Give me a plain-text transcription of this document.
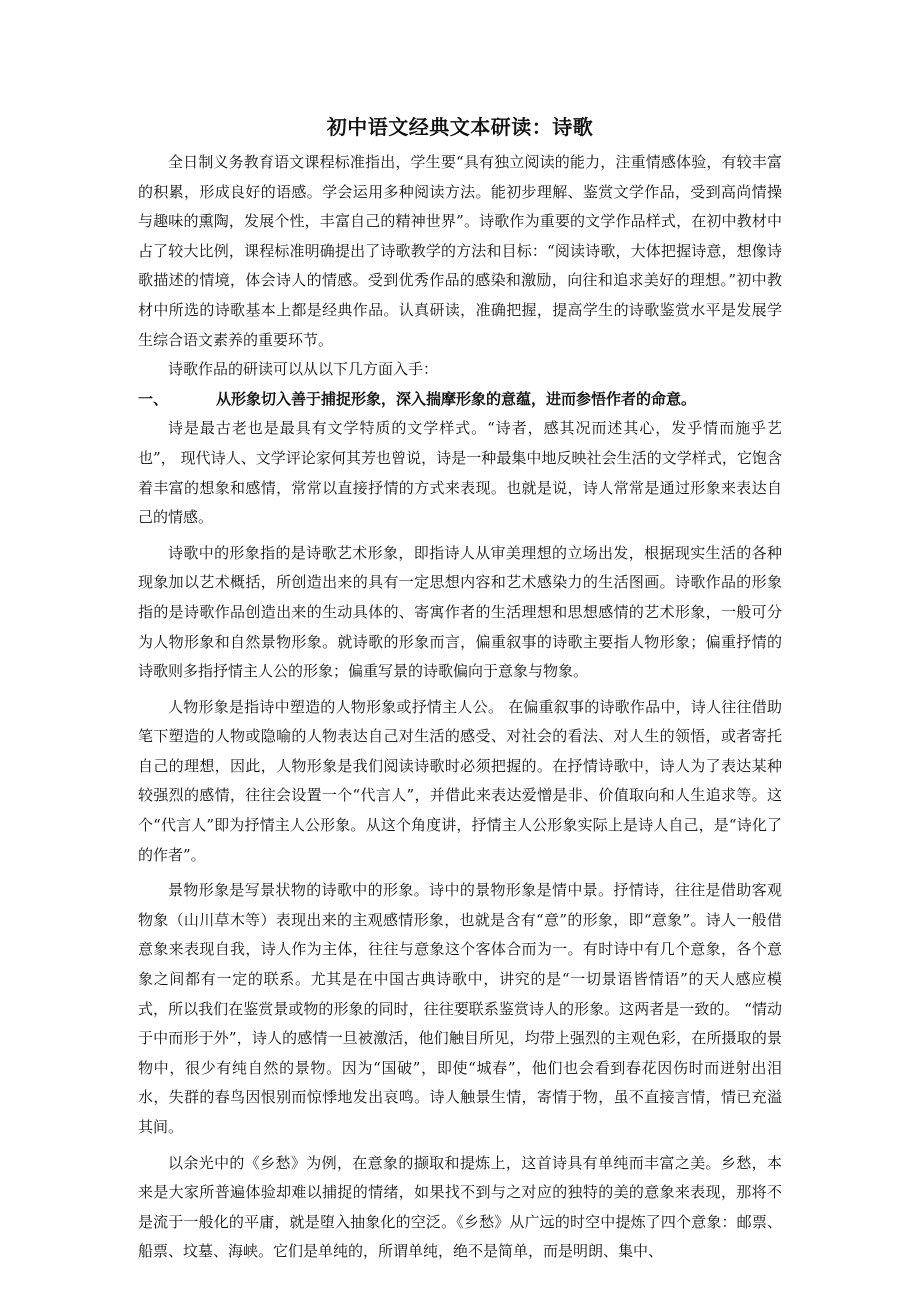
初中语文经典文本研读：诗歌

全日制义务教育语文课程标准指出，学生要“具有独立阅读的能力，注重情感体验，有较丰富的积累，形成良好的语感。学会运用多种阅读方法。能初步理解、鉴赏文学作品，受到高尚情操与趣味的熏陶，发展个性，丰富自己的精神世界”。诗歌作为重要的文学作品样式，在初中教材中占了较大比例，课程标准明确提出了诗歌教学的方法和目标：“阅读诗歌，大体把握诗意，想像诗歌描述的情境，体会诗人的情感。受到优秀作品的感染和激励，向往和追求美好的理想。”初中教材中所选的诗歌基本上都是经典作品。认真研读，准确把握，提高学生的诗歌鉴赏水平是发展学生综合语文素养的重要环节。

诗歌作品的研读可以从以下几方面入手：

一、	从形象切入善于捕捉形象，深入揣摩形象的意蕴，进而参悟作者的命意。

诗是最古老也是最具有文学特质的文学样式。“诗者，感其况而述其心，发乎情而施乎艺也”， 现代诗人、文学评论家何其芳也曾说，诗是一种最集中地反映社会生活的文学样式，它饱含着丰富的想象和感情，常常以直接抒情的方式来表现。也就是说，诗人常常是通过形象来表达自己的情感。

诗歌中的形象指的是诗歌艺术形象，即指诗人从审美理想的立场出发，根据现实生活的各种现象加以艺术概括，所创造出来的具有一定思想内容和艺术感染力的生活图画。诗歌作品的形象指的是诗歌作品创造出来的生动具体的、寄寓作者的生活理想和思想感情的艺术形象，一般可分为人物形象和自然景物形象。就诗歌的形象而言，偏重叙事的诗歌主要指人物形象；偏重抒情的诗歌则多指抒情主人公的形象；偏重写景的诗歌偏向于意象与物象。

人物形象是指诗中塑造的人物形象或抒情主人公。 在偏重叙事的诗歌作品中，诗人往往借助笔下塑造的人物或隐喻的人物表达自己对生活的感受、对社会的看法、对人生的领悟，或者寄托自己的理想，因此，人物形象是我们阅读诗歌时必须把握的。在抒情诗歌中，诗人为了表达某种较强烈的感情，往往会设置一个“代言人”，并借此来表达爱憎是非、价值取向和人生追求等。这个“代言人”即为抒情主人公形象。从这个角度讲，抒情主人公形象实际上是诗人自己，是“诗化了的作者”。

景物形象是写景状物的诗歌中的形象。诗中的景物形象是情中景。抒情诗，往往是借助客观物象（山川草木等）表现出来的主观感情形象，也就是含有“意”的形象，即“意象”。诗人一般借意象来表现自我，诗人作为主体，往往与意象这个客体合而为一。有时诗中有几个意象，各个意象之间都有一定的联系。尤其是在中国古典诗歌中，讲究的是“一切景语皆情语”的天人感应模式，所以我们在鉴赏景或物的形象的同时，往往要联系鉴赏诗人的形象。这两者是一致的。 “情动于中而形于外”，诗人的感情一旦被激活，他们触目所见，均带上强烈的主观色彩，在所摄取的景物中，很少有纯自然的景物。因为“国破”，即使“城春”，他们也会看到春花因伤时而迸射出泪水，失群的春鸟因恨别而惊悸地发出哀鸣。诗人触景生情，寄情于物，虽不直接言情，情已充溢其间。

以余光中的《乡愁》为例，在意象的撷取和提炼上，这首诗具有单纯而丰富之美。乡愁，本来是大家所普遍体验却难以捕捉的情绪，如果找不到与之对应的独特的美的意象来表现，那将不是流于一般化的平庸，就是堕入抽象化的空泛。《乡愁》从广远的时空中提炼了四个意象：邮票、船票、坟墓、海峡。它们是单纯的，所谓单纯，绝不是简单，而是明朗、集中、
